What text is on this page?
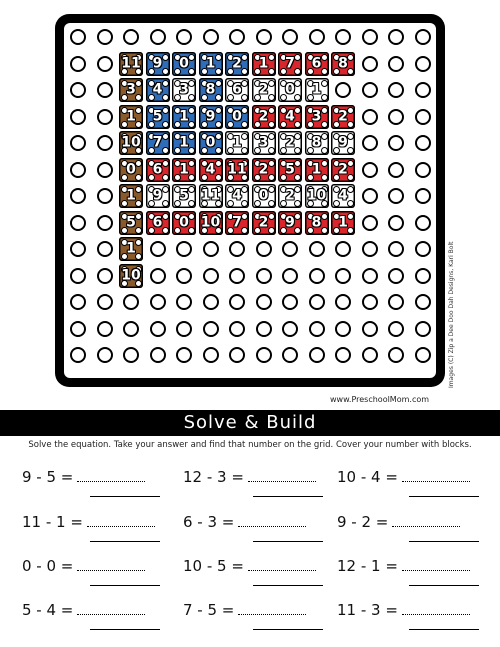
11 9	0	1	2	1	7	6	8
3	4	3	8	6	2	0	1
1	5	1	9	0	2	4	3	2
10 7	1	0	1	3	2	8	9
0	6	1	4 11 2	5	1	2
1	9	5 11 4	0	2 10 4
5	6	0 10 7	2	9	8	1
1
10	Images (C) Zip a Dee Doo Dah Designs, Kari Bolt
www.PreschoolMom.com
Solve & Build
Solve the equation. Take your answer and find that number on the grid. Cover your number with blocks.
9 - 5 =	12 - 3 =	10 - 4 =
11 - 1 =	6 - 3 =	9 - 2 =
0 - 0 =	10 - 5 =	12 - 1 =
5 - 4 =	7 - 5 =	11 - 3 =
